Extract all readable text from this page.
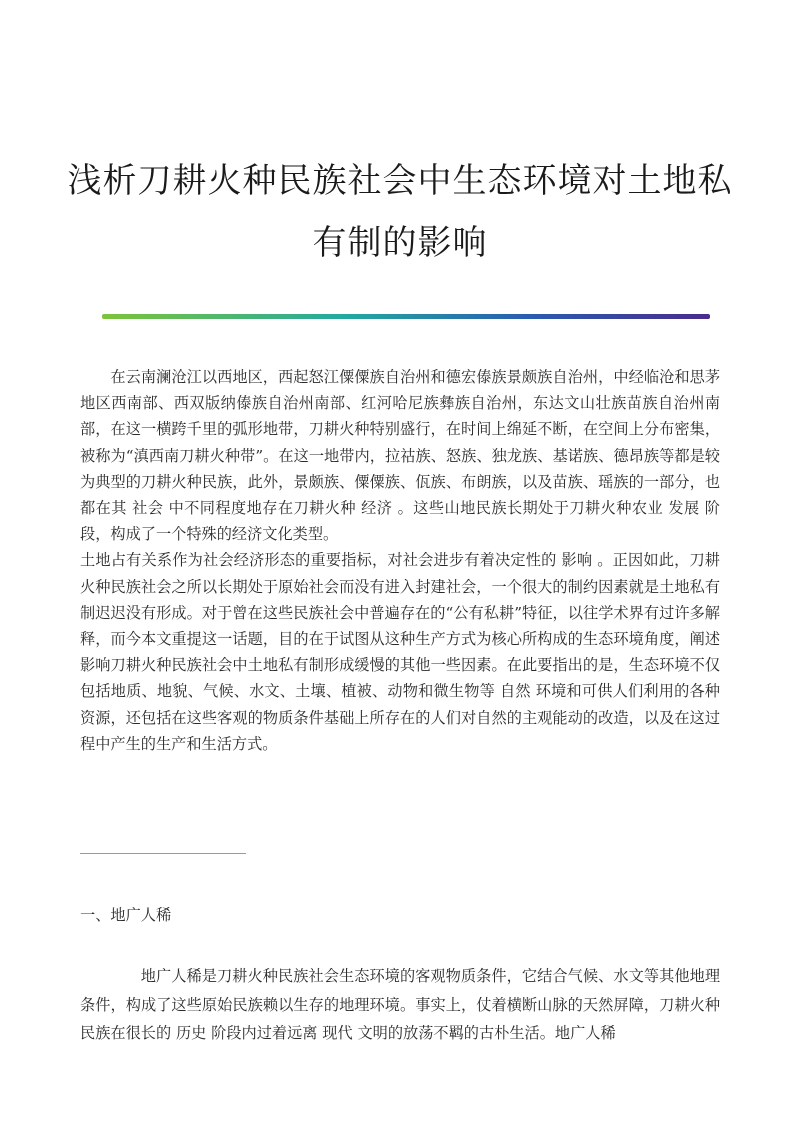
浅析刀耕火种民族社会中生态环境对土地私
有制的影响

在云南澜沧江以西地区，西起怒江僳僳族自治州和德宏傣族景颇族自治州，中经临沧和思茅地区西南部、西双版纳傣族自治州南部、红河哈尼族彝族自治州，东达文山壮族苗族自治州南部，在这一横跨千里的弧形地带，刀耕火种特别盛行，在时间上绵延不断，在空间上分布密集，被称为“滇西南刀耕火种带”。在这一地带内，拉祜族、怒族、独龙族、基诺族、德昂族等都是较为典型的刀耕火种民族，此外，景颇族、僳僳族、佤族、布朗族，以及苗族、瑶族的一部分，也都在其 社会 中不同程度地存在刀耕火种 经济 。这些山地民族长期处于刀耕火种农业 发展 阶段，构成了一个特殊的经济文化类型。

土地占有关系作为社会经济形态的重要指标，对社会进步有着决定性的 影响 。正因如此，刀耕火种民族社会之所以长期处于原始社会而没有进入封建社会，一个很大的制约因素就是土地私有制迟迟没有形成。对于曾在这些民族社会中普遍存在的“公有私耕”特征，以往学术界有过许多解释，而今本文重提这一话题，目的在于试图从这种生产方式为核心所构成的生态环境角度，阐述影响刀耕火种民族社会中土地私有制形成缓慢的其他一些因素。在此要指出的是，生态环境不仅包括地质、地貌、气候、水文、土壤、植被、动物和微生物等 自然 环境和可供人们利用的各种资源，还包括在这些客观的物质条件基础上所存在的人们对自然的主观能动的改造，以及在这过程中产生的生产和生活方式。

一、地广人稀

地广人稀是刀耕火种民族社会生态环境的客观物质条件，它结合气候、水文等其他地理条件，构成了这些原始民族赖以生存的地理环境。事实上，仗着横断山脉的天然屏障，刀耕火种民族在很长的 历史 阶段内过着远离 现代 文明的放荡不羁的古朴生活。地广人稀
